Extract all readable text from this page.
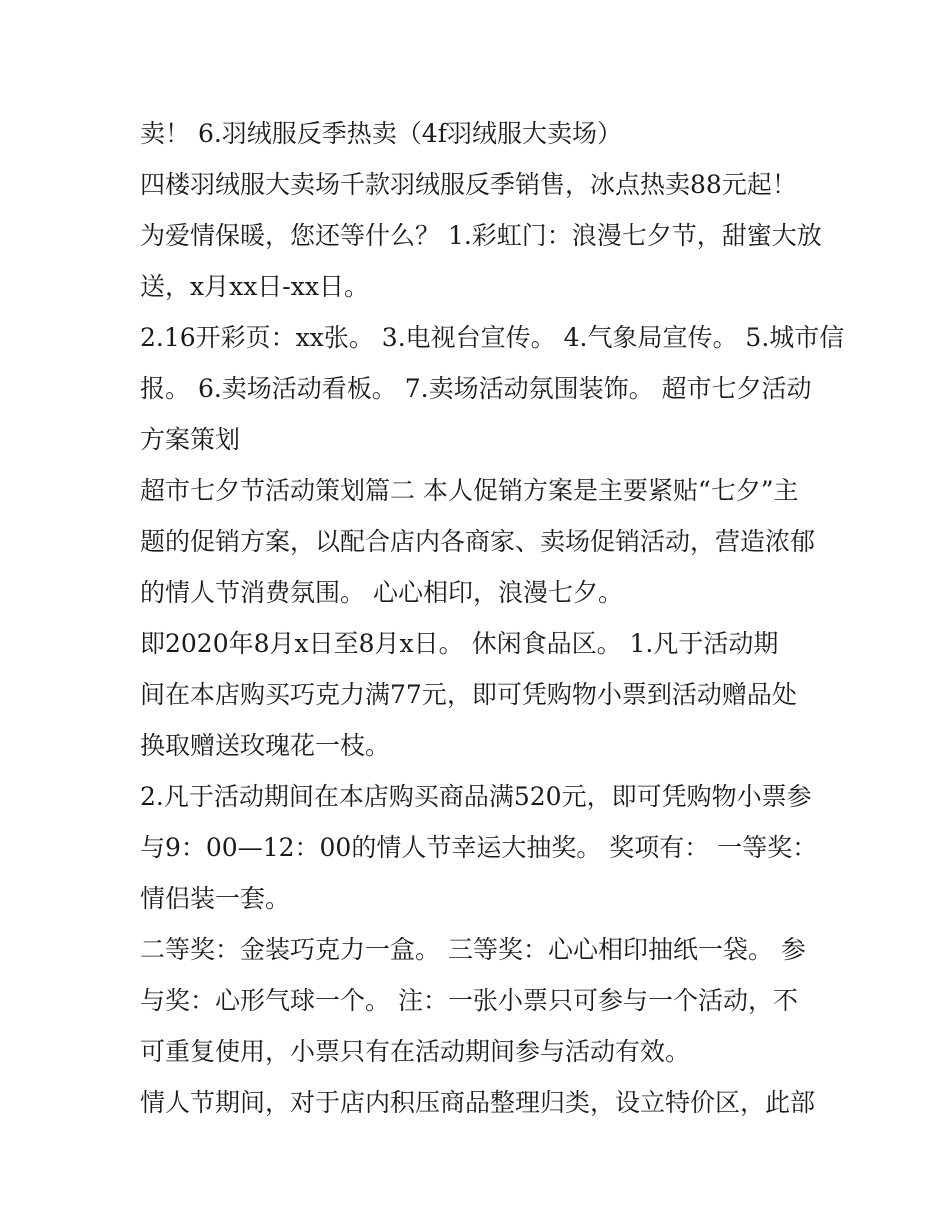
卖！ 6.羽绒服反季热卖（4f羽绒服大卖场）
四楼羽绒服大卖场千款羽绒服反季销售，冰点热卖88元起！
为爱情保暖，您还等什么？ 1.彩虹门：浪漫七夕节，甜蜜大放
送，x月xx日-xx日。
2.16开彩页：xx张。 3.电视台宣传。 4.气象局宣传。 5.城市信
报。 6.卖场活动看板。 7.卖场活动氛围装饰。 超市七夕活动
方案策划
超市七夕节活动策划篇二 本人促销方案是主要紧贴“七夕”主
题的促销方案，以配合店内各商家、卖场促销活动，营造浓郁
的情人节消费氛围。 心心相印，浪漫七夕。
即2020年8月x日至8月x日。 休闲食品区。 1.凡于活动期
间在本店购买巧克力满77元，即可凭购物小票到活动赠品处
换取赠送玫瑰花一枝。
2.凡于活动期间在本店购买商品满520元，即可凭购物小票参
与9：00—12：00的情人节幸运大抽奖。 奖项有： 一等奖：
情侣装一套。
二等奖：金装巧克力一盒。 三等奖：心心相印抽纸一袋。 参
与奖：心形气球一个。 注：一张小票只可参与一个活动，不
可重复使用，小票只有在活动期间参与活动有效。
情人节期间，对于店内积压商品整理归类，设立特价区，此部
